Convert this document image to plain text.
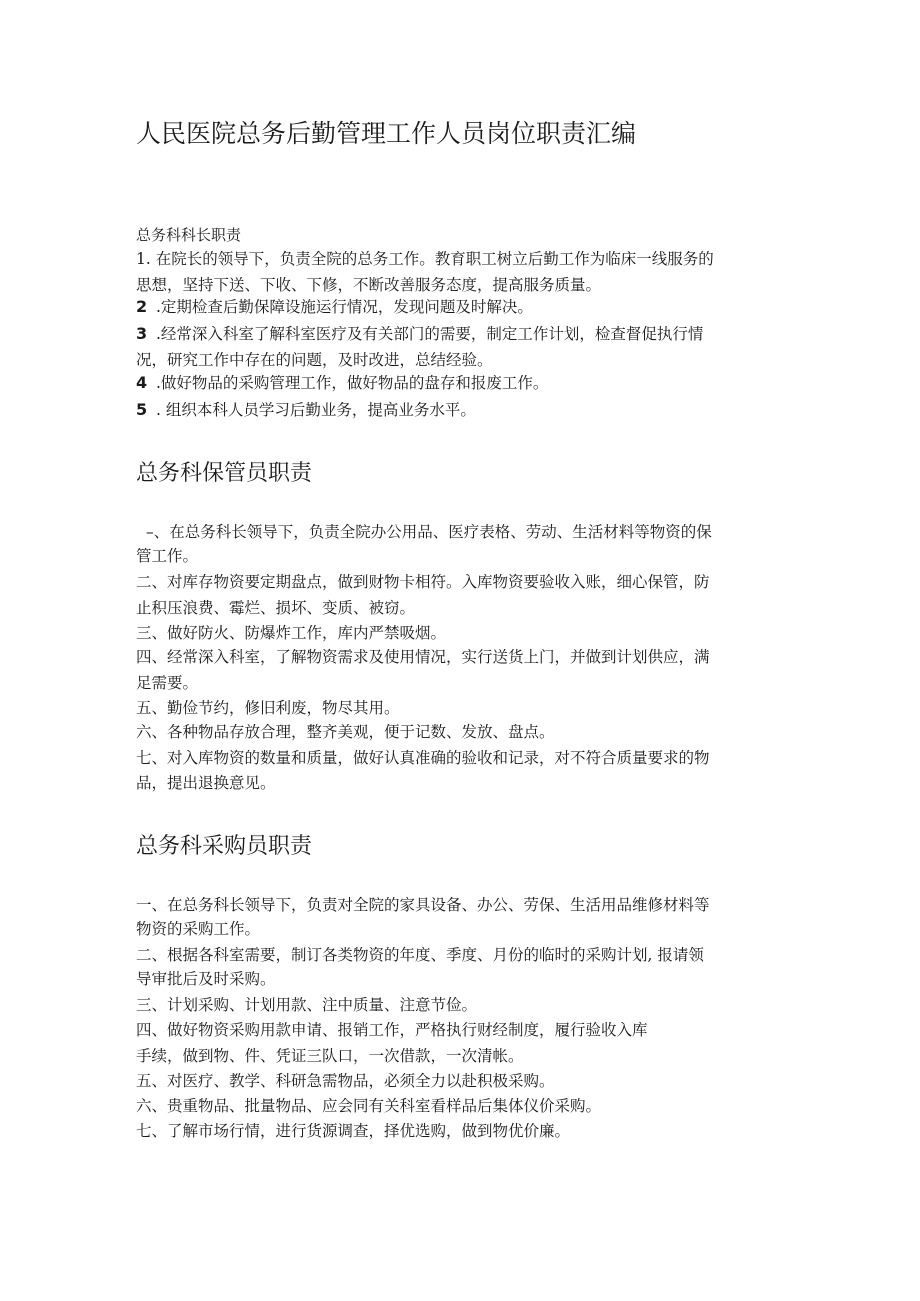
人民医院总务后勤管理工作人员岗位职责汇编
总务科科长职责
1. 在院长的领导下，负责全院的总务工作。教育职工树立后勤工作为临床一线服务的
思想，坚持下送、下收、下修，不断改善服务态度，提高服务质量。
2 .定期检查后勤保障设施运行情况，发现问题及时解决。
3 .经常深入科室了解科室医疗及有关部门的需要，制定工作计划，检查督促执行情
况，研究工作中存在的问题，及时改进，总结经验。
4 .做好物品的采购管理工作，做好物品的盘存和报废工作。
5 . 组织本科人员学习后勤业务，提高业务水平。
总务科保管员职责
–、在总务科长领导下，负责全院办公用品、医疗表格、劳动、生活材料等物资的保
管工作。
二、对库存物资要定期盘点，做到财物卡相符。入库物资要验收入账，细心保管，防
止积压浪费、霉烂、损坏、变质、被窃。
三、做好防火、防爆炸工作，库内严禁吸烟。
四、经常深入科室，了解物资需求及使用情况，实行送货上门，并做到计划供应，满
足需要。
五、勤俭节约，修旧利废，物尽其用。
六、各种物品存放合理，整齐美观，便于记数、发放、盘点。
七、对入库物资的数量和质量，做好认真准确的验收和记录，对不符合质量要求的物
品，提出退换意见。
总务科采购员职责
一、在总务科长领导下，负责对全院的家具设备、办公、劳保、生活用品维修材料等
物资的采购工作。
二、根据各科室需要，制订各类物资的年度、季度、月份的临时的采购计划, 报请领
导审批后及时采购。
三、计划采购、计划用款、注中质量、注意节俭。
四、做好物资采购用款申请、报销工作，严格执行财经制度，履行验收入库
手续，做到物、件、凭证三队口，一次借款，一次清帐。
五、对医疗、教学、科研急需物品，必须全力以赴积极采购。
六、贵重物品、批量物品、应会同有关科室看样品后集体仪价采购。
七、了解市场行情，进行货源调查，择优选购，做到物优价廉。
